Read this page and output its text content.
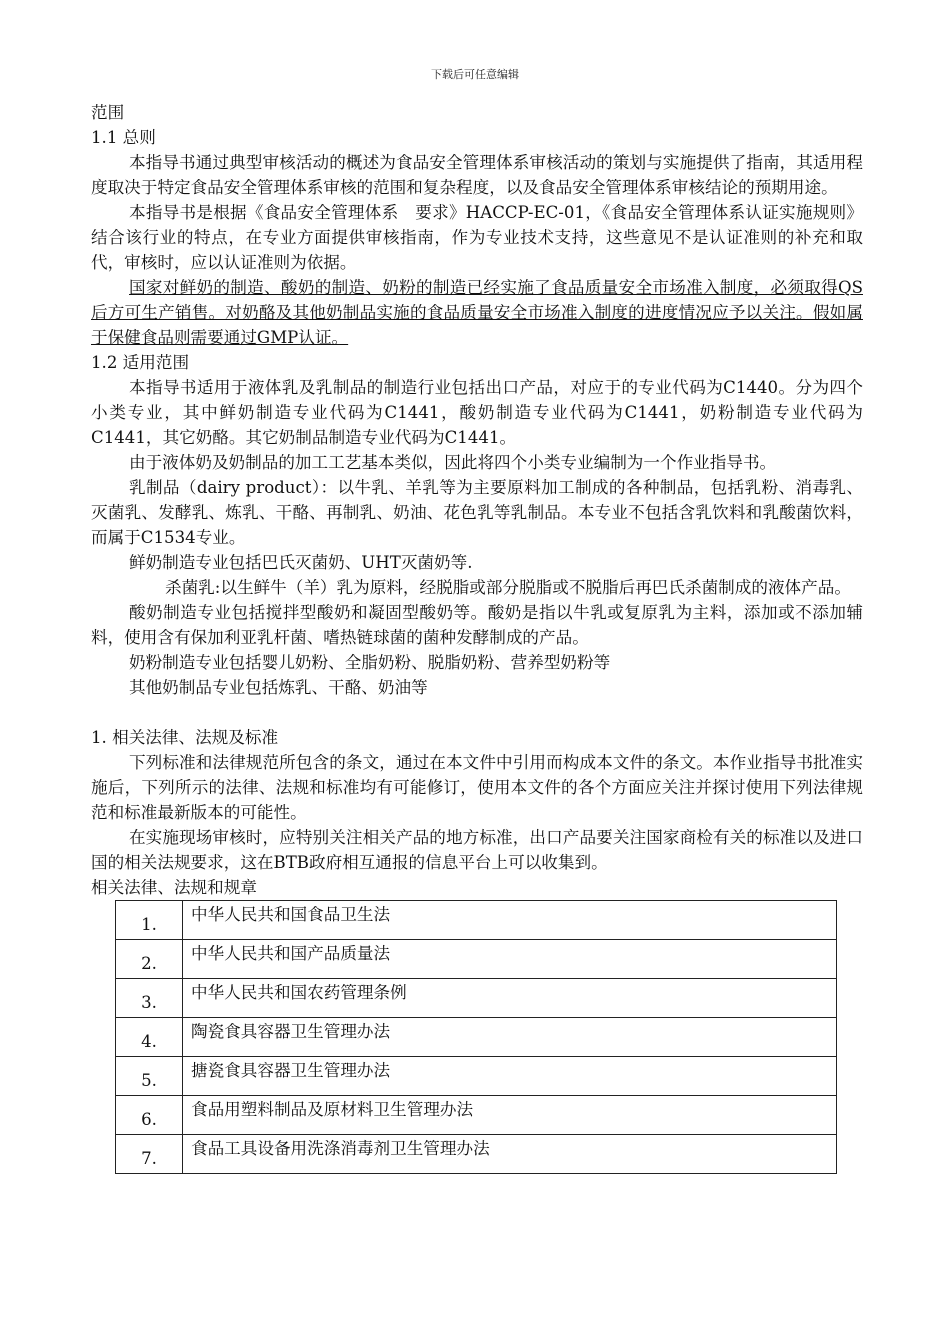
下载后可任意编辑

范围

1.1 总则

本指导书通过典型审核活动的概述为食品安全管理体系审核活动的策划与实施提供了指南，其适用程度取决于特定食品安全管理体系审核的范围和复杂程度，以及食品安全管理体系审核结论的预期用途。

本指导书是根据《食品安全管理体系　要求》HACCP-EC-01，《食品安全管理体系认证实施规则》结合该行业的特点，在专业方面提供审核指南，作为专业技术支持，这些意见不是认证准则的补充和取代，审核时，应以认证准则为依据。

国家对鲜奶的制造、酸奶的制造、奶粉的制造已经实施了食品质量安全市场准入制度，必须取得QS后方可生产销售。对奶酪及其他奶制品实施的食品质量安全市场准入制度的进度情况应予以关注。假如属于保健食品则需要通过GMP认证。

1.2 适用范围

本指导书适用于液体乳及乳制品的制造行业包括出口产品，对应于的专业代码为C1440。分为四个小类专业，其中鲜奶制造专业代码为C1441，酸奶制造专业代码为C1441，奶粉制造专业代码为C1441，其它奶酪。其它奶制品制造专业代码为C1441。

由于液体奶及奶制品的加工工艺基本类似，因此将四个小类专业编制为一个作业指导书。

乳制品（dairy product）：以牛乳、羊乳等为主要原料加工制成的各种制品，包括乳粉、消毒乳、灭菌乳、发酵乳、炼乳、干酪、再制乳、奶油、花色乳等乳制品。本专业不包括含乳饮料和乳酸菌饮料，而属于C1534专业。

鲜奶制造专业包括巴氏灭菌奶、UHT灭菌奶等.

杀菌乳:以生鲜牛（羊）乳为原料，经脱脂或部分脱脂或不脱脂后再巴氏杀菌制成的液体产品。

酸奶制造专业包括搅拌型酸奶和凝固型酸奶等。酸奶是指以牛乳或复原乳为主料，添加或不添加辅料，使用含有保加利亚乳杆菌、嗜热链球菌的菌种发酵制成的产品。

奶粉制造专业包括婴儿奶粉、全脂奶粉、脱脂奶粉、营养型奶粉等

其他奶制品专业包括炼乳、干酪、奶油等

1. 相关法律、法规及标准

下列标准和法律规范所包含的条文，通过在本文件中引用而构成本文件的条文。本作业指导书批准实施后，下列所示的法律、法规和标准均有可能修订，使用本文件的各个方面应关注并探讨使用下列法律规范和标准最新版本的可能性。

在实施现场审核时，应特别关注相关产品的地方标准，出口产品要关注国家商检有关的标准以及进口国的相关法规要求，这在BTB政府相互通报的信息平台上可以收集到。

相关法律、法规和规章

1.	中华人民共和国食品卫生法
2.	中华人民共和国产品质量法
3.	中华人民共和国农药管理条例
4.	陶瓷食具容器卫生管理办法
5.	搪瓷食具容器卫生管理办法
6.	食品用塑料制品及原材料卫生管理办法
7.	食品工具设备用洗涤消毒剂卫生管理办法
